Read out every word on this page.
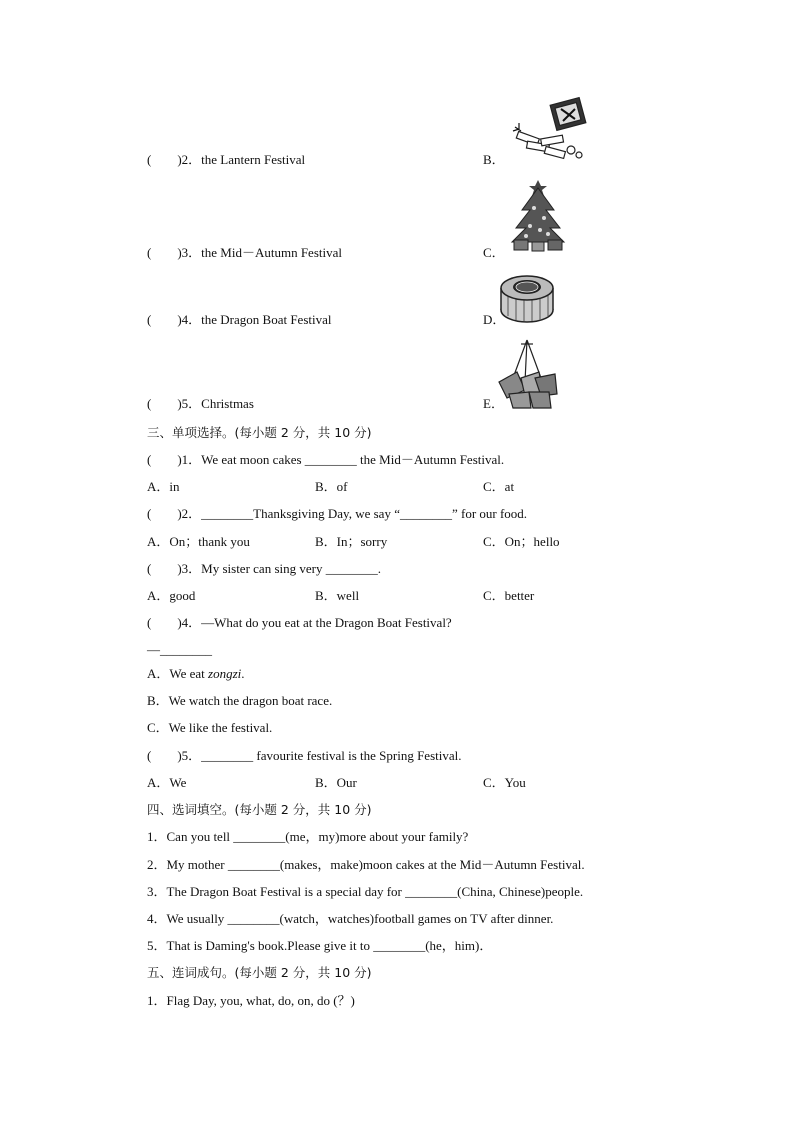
(　　)2．the Lantern Festival	B．
(　　)3．the Mid－Autumn Festival	C．
(　　)4．the Dragon Boat Festival	D．
(　　)5．Christmas	E．
三、单项选择。(每小题 2 分，共 10 分)
(　　)1．We eat moon cakes ________ the Mid－Autumn Festival.
A．in	B．of	C．at
(　　)2．________Thanksgiving Day, we say “________” for our food.
A．On；thank you	B．In；sorry	C．On；hello
(　　)3．My sister can sing very ________.
A．good	B．well	C．better
(　　)4．—What do you eat at the Dragon Boat Festival?
—________
A．We eat zongzi.
B．We watch the dragon boat race.
C．We like the festival.
(　　)5．________ favourite festival is the Spring Festival.
A．We	B．Our	C．You
四、选词填空。(每小题 2 分，共 10 分)
1．Can you tell ________(me，my)more about your family?
2．My mother ________(makes，make)moon cakes at the Mid－Autumn Festival.
3．The Dragon Boat Festival is a special day for ________(China, Chinese)people.
4．We usually ________(watch，watches)football games on TV after dinner.
5．That is Daming's book.Please give it to ________(he，him)．
五、连词成句。(每小题 2 分，共 10 分)
1．Flag Day, you, what, do, on, do (？)
